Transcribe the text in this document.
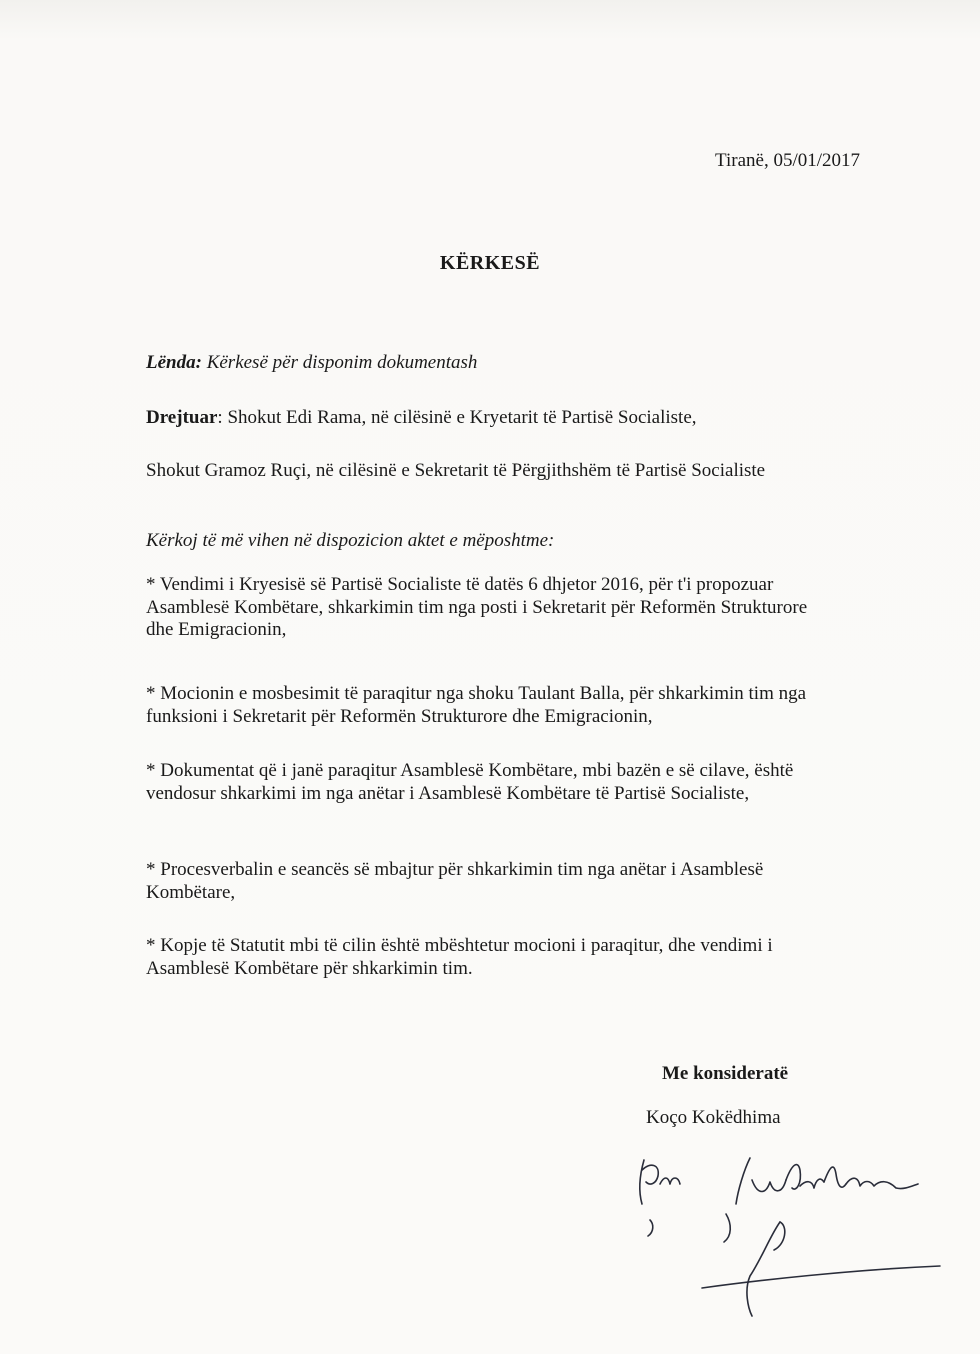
Tiranë, 05/01/2017
KËRKESË
Lënda: Kërkesë për disponim dokumentash
Drejtuar: Shokut Edi Rama, në cilësinë e Kryetarit të Partisë Socialiste,
Shokut Gramoz Ruçi, në cilësinë e Sekretarit të Përgjithshëm të Partisë Socialiste
Kërkoj të më vihen në dispozicion aktet e mëposhtme:
* Vendimi i Kryesisë së Partisë Socialiste të datës 6 dhjetor 2016, për t'i propozuar Asamblesë Kombëtare, shkarkimin tim nga posti i Sekretarit për Reformën Strukturore dhe Emigracionin,
* Mocionin e mosbesimit të paraqitur nga shoku Taulant Balla, për shkarkimin tim nga funksioni i Sekretarit për Reformën Strukturore dhe Emigracionin,
* Dokumentat që i janë paraqitur Asamblesë Kombëtare, mbi bazën e së cilave, është vendosur shkarkimi im nga anëtar i Asamblesë Kombëtare të Partisë Socialiste,
* Procesverbalin e seancës së mbajtur për shkarkimin tim nga anëtar i Asamblesë Kombëtare,
* Kopje të Statutit mbi të cilin është mbështetur mocioni i paraqitur, dhe vendimi i Asamblesë Kombëtare për shkarkimin tim.
Me konsideratë
Koço Kokëdhima
